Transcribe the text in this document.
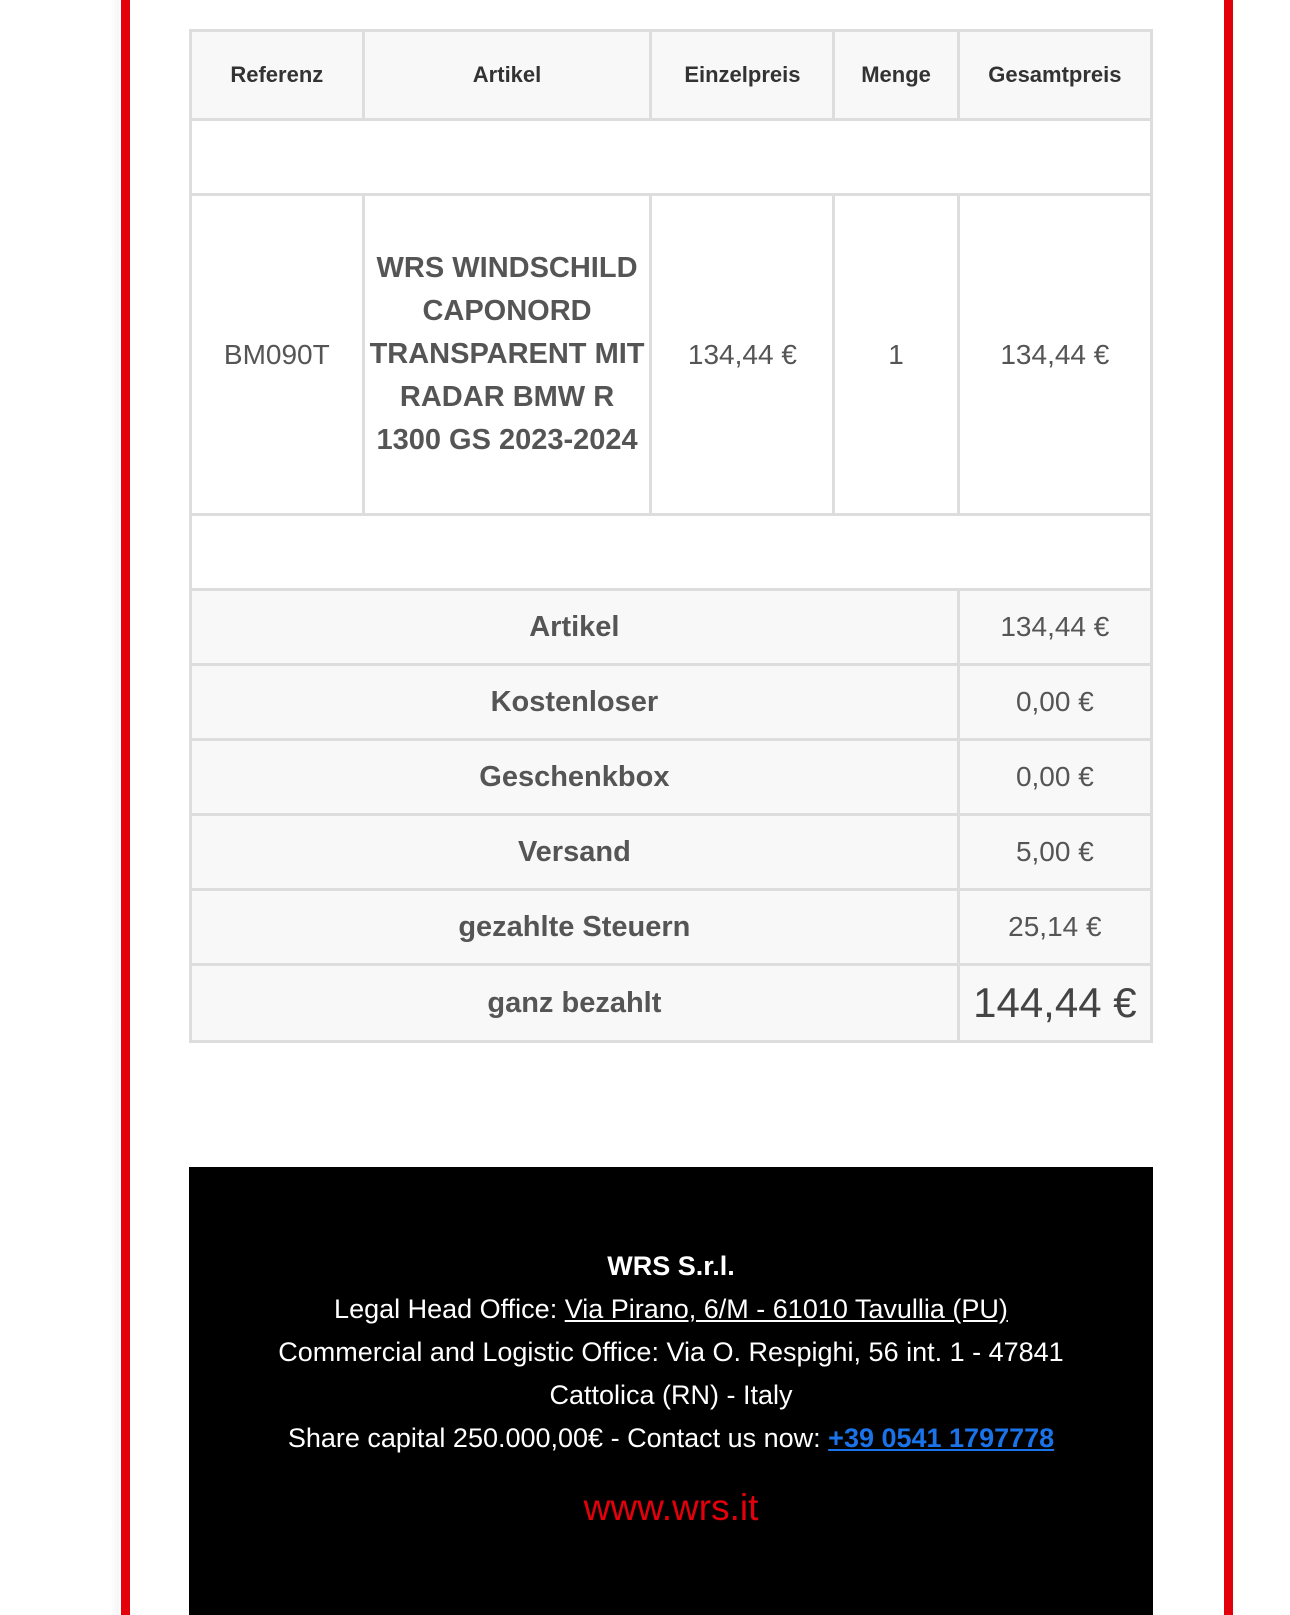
Referenz	Artikel	Einzelpreis	Menge	Gesamtpreis

BM090T	WRS WINDSCHILD CAPONORD TRANSPARENT MIT RADAR BMW R 1300 GS 2023-2024	134,44 €	1	134,44 €

Artikel				134,44 €
Kostenloser				0,00 €
Geschenkbox				0,00 €
Versand				5,00 €
gezahlte Steuern				25,14 €
ganz bezahlt				144,44 €
WRS S.r.l.
Legal Head Office: Via Pirano, 6/M - 61010 Tavullia (PU)
Commercial and Logistic Office: Via O. Respighi, 56 int. 1 - 47841 Cattolica (RN) - Italy
Share capital 250.000,00€ - Contact us now: +39 0541 1797778
www.wrs.it
